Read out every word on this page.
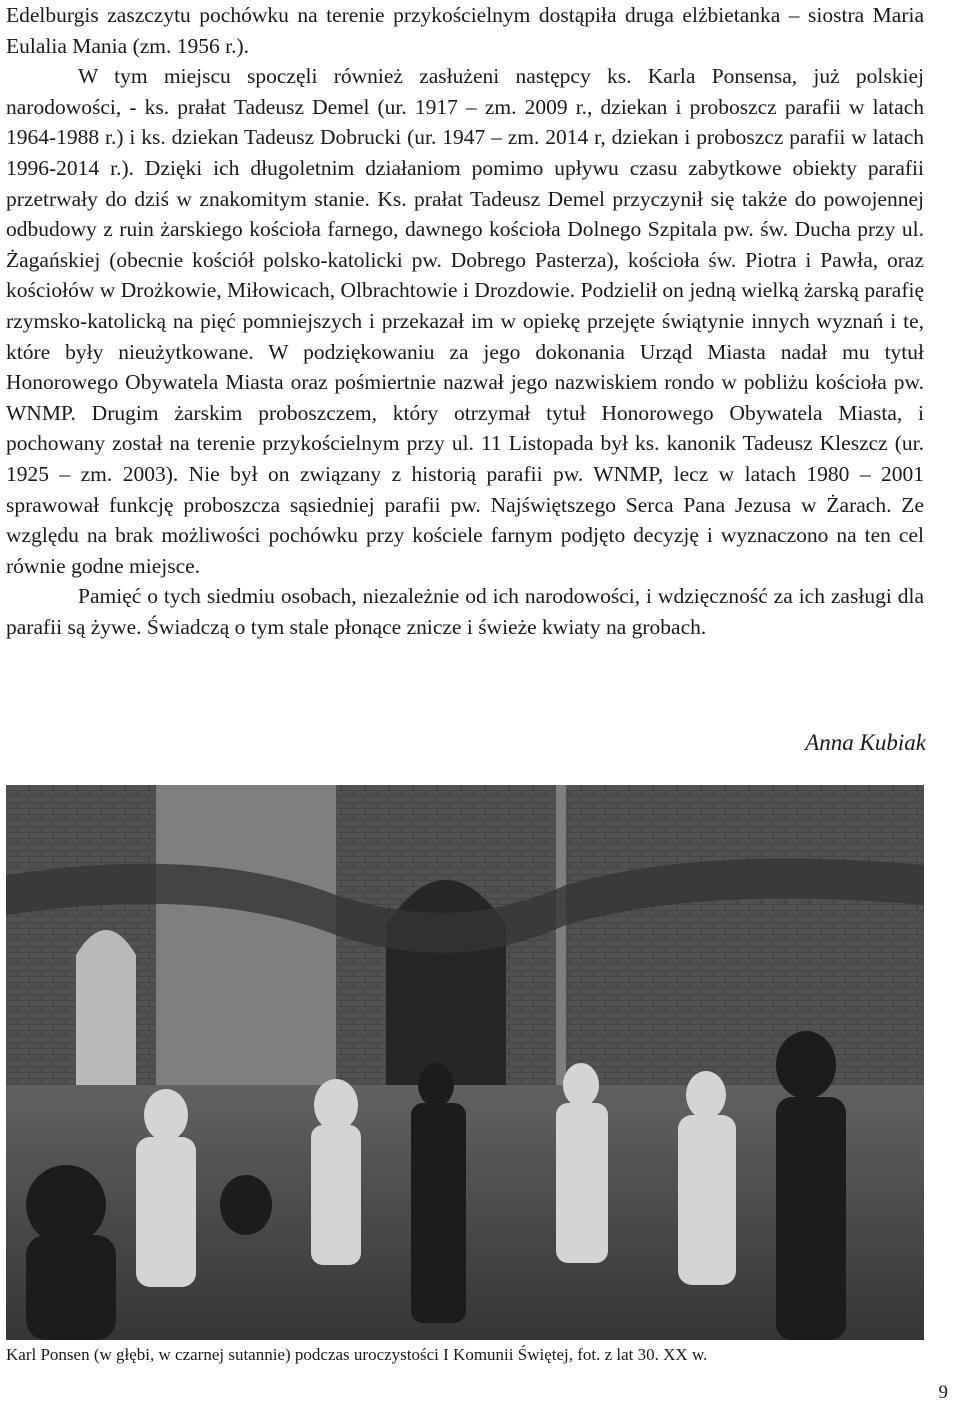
Edelburgis zaszczytu pochówku na terenie przykościelnym dostąpiła druga elżbietanka – siostra Maria Eulalia Mania (zm. 1956 r.).

W tym miejscu spoczęli również zasłużeni następcy ks. Karla Ponsensa, już polskiej narodowości, - ks. prałat Tadeusz Demel (ur. 1917 – zm. 2009 r., dziekan i proboszcz parafii w latach 1964-1988 r.) i ks. dziekan Tadeusz Dobrucki (ur. 1947 – zm. 2014 r, dziekan i proboszcz parafii w latach 1996-2014 r.). Dzięki ich długoletnim działaniom pomimo upływu czasu zabytkowe obiekty parafii przetrwały do dziś w znakomitym stanie. Ks. prałat Tadeusz Demel przyczynił się także do powojennej odbudowy z ruin żarskiego kościoła farnego, dawnego kościoła Dolnego Szpitala pw. św. Ducha przy ul. Żagańskiej (obecnie kościół polsko-katolicki pw. Dobrego Pasterza), kościoła św. Piotra i Pawła, oraz kościołów w Drożkowie, Miłowicach, Olbrachtowie i Drozdowie. Podzielił on jedną wielką żarską parafię rzymsko-katolicką na pięć pomniejszych i przekazał im w opiekę przejęte świątynie innych wyznań i te, które były nieużytkowane. W podziękowaniu za jego dokonania Urząd Miasta nadał mu tytuł Honorowego Obywatela Miasta oraz pośmiertnie nazwał jego nazwiskiem rondo w pobliżu kościoła pw. WNMP. Drugim żarskim proboszczem, który otrzymał tytuł Honorowego Obywatela Miasta, i pochowany został na terenie przykościelnym przy ul. 11 Listopada był ks. kanonik Tadeusz Kleszcz (ur. 1925 – zm. 2003). Nie był on związany z historią parafii pw. WNMP, lecz w latach 1980 – 2001 sprawował funkcję proboszcza sąsiedniej parafii pw. Najświętszego Serca Pana Jezusa w Żarach. Ze względu na brak możliwości pochówku przy kościele farnym podjęto decyzję i wyznaczono na ten cel równie godne miejsce.

Pamięć o tych siedmiu osobach, niezależnie od ich narodowości, i wdzięczność za ich zasługi dla parafii są żywe. Świadczą o tym stale płonące znicze i świeże kwiaty na grobach.

Anna Kubiak
Karl Ponsen (w głębi, w czarnej sutannie) podczas uroczystości I Komunii Świętej, fot. z lat 30. XX w.
9
